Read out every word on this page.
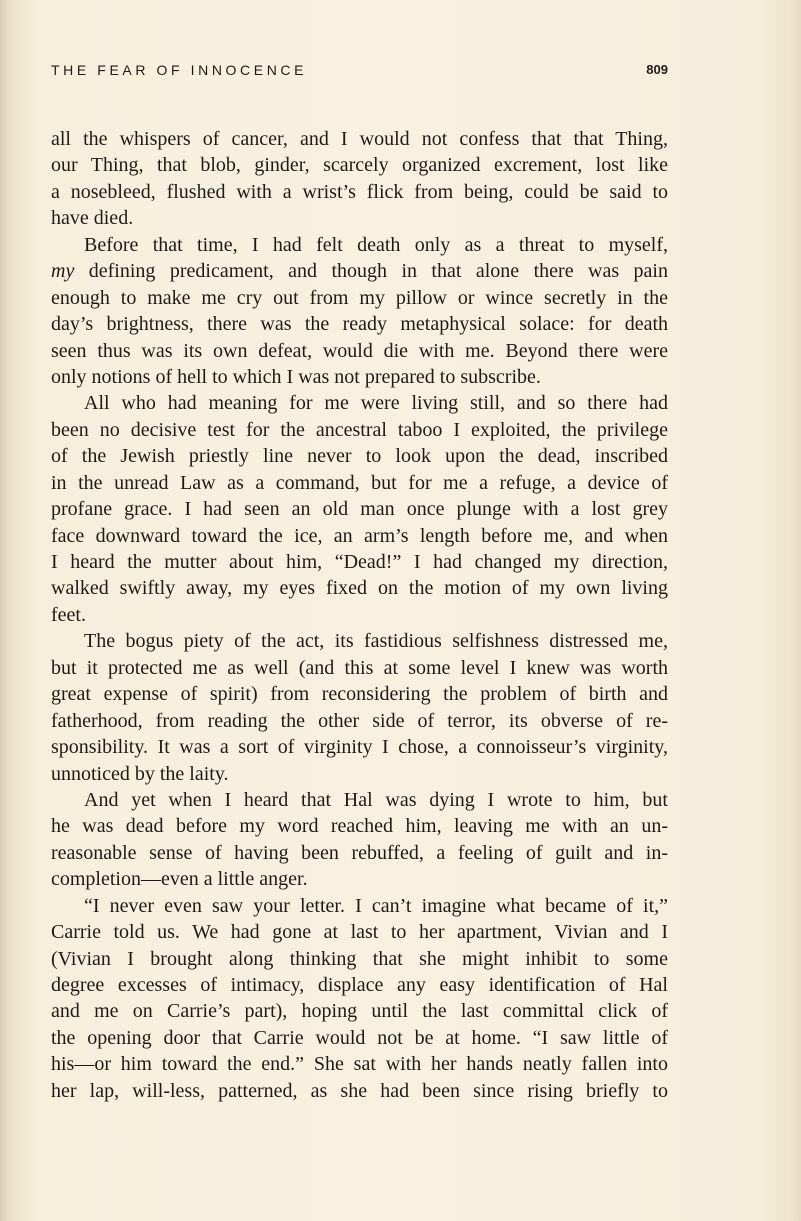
THE FEAR OF INNOCENCE	809
all the whispers of cancer, and I would not confess that that Thing,
our Thing, that blob, ginder, scarcely organized excrement, lost like
a nosebleed, flushed with a wrist’s flick from being, could be said to
have died.
Before that time, I had felt death only as a threat to myself,
my defining predicament, and though in that alone there was pain
enough to make me cry out from my pillow or wince secretly in the
day’s brightness, there was the ready metaphysical solace: for death
seen thus was its own defeat, would die with me. Beyond there were
only notions of hell to which I was not prepared to subscribe.
All who had meaning for me were living still, and so there had
been no decisive test for the ancestral taboo I exploited, the privilege
of the Jewish priestly line never to look upon the dead, inscribed
in the unread Law as a command, but for me a refuge, a device of
profane grace. I had seen an old man once plunge with a lost grey
face downward toward the ice, an arm’s length before me, and when
I heard the mutter about him, “Dead!” I had changed my direction,
walked swiftly away, my eyes fixed on the motion of my own living
feet.
The bogus piety of the act, its fastidious selfishness distressed me,
but it protected me as well (and this at some level I knew was worth
great expense of spirit) from reconsidering the problem of birth and
fatherhood, from reading the other side of terror, its obverse of re-
sponsibility. It was a sort of virginity I chose, a connoisseur’s virginity,
unnoticed by the laity.
And yet when I heard that Hal was dying I wrote to him, but
he was dead before my word reached him, leaving me with an un-
reasonable sense of having been rebuffed, a feeling of guilt and in-
completion—even a little anger.
“I never even saw your letter. I can’t imagine what became of it,”
Carrie told us. We had gone at last to her apartment, Vivian and I
(Vivian I brought along thinking that she might inhibit to some
degree excesses of intimacy, displace any easy identification of Hal
and me on Carrie’s part), hoping until the last committal click of
the opening door that Carrie would not be at home. “I saw little of
his—or him toward the end.” She sat with her hands neatly fallen into
her lap, will-less, patterned, as she had been since rising briefly to
